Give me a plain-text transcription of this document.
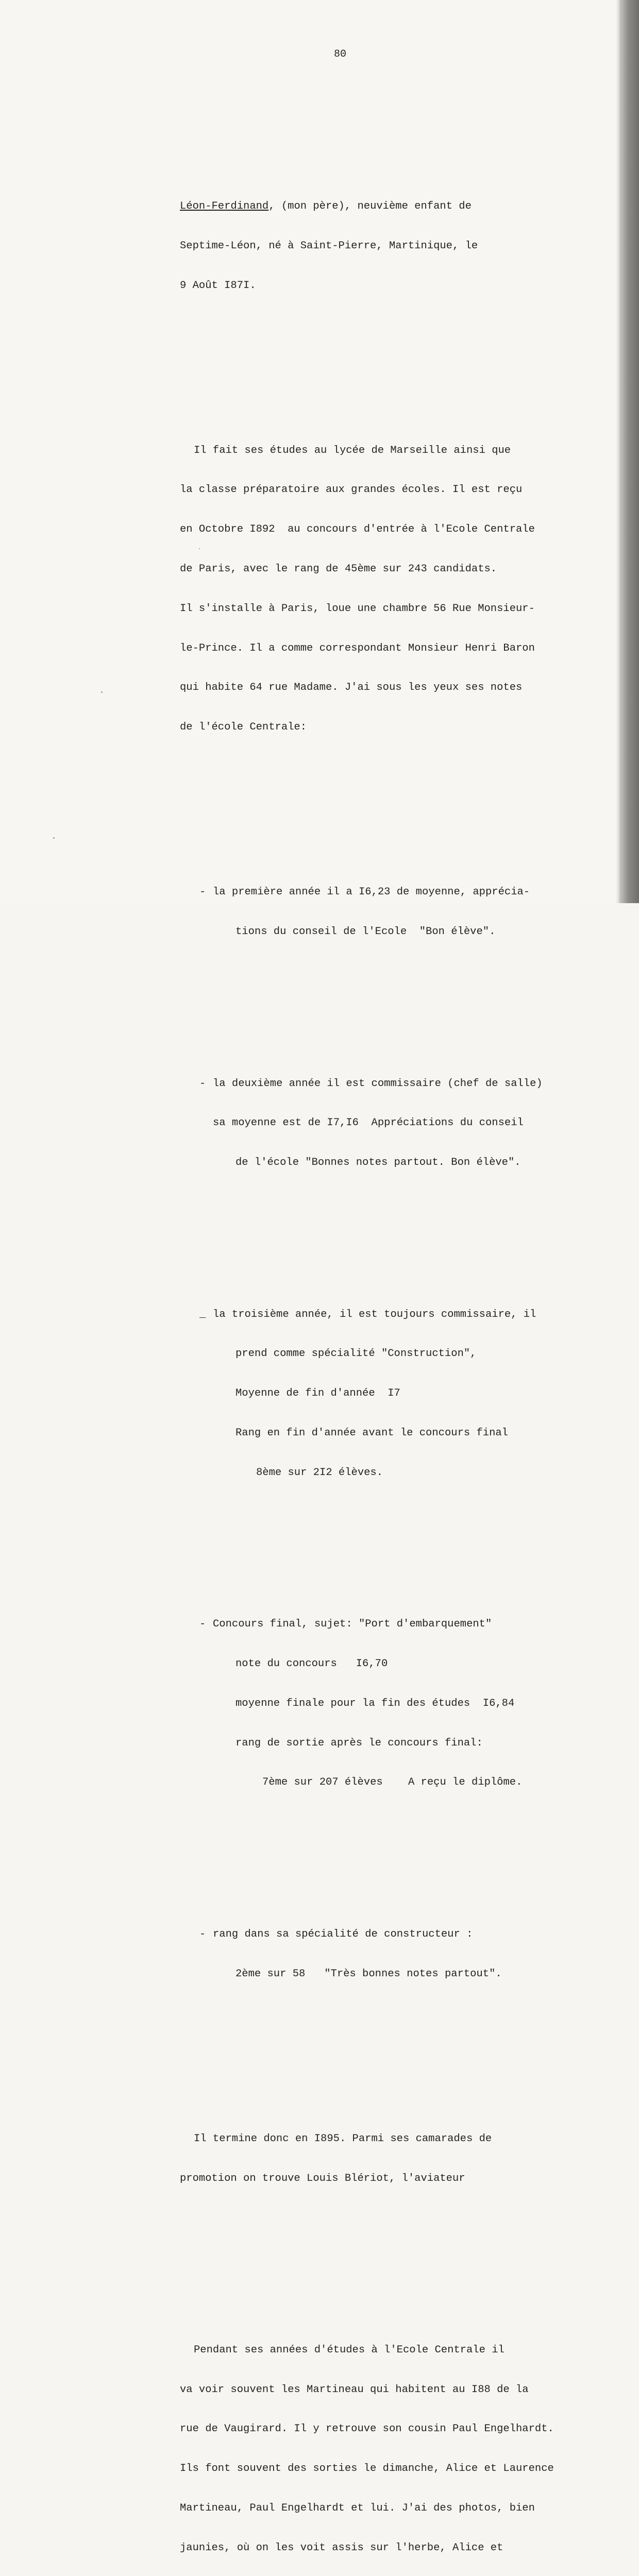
80

Léon-Ferdinand, (mon père), neuvième enfant de

Septime-Léon, né à Saint-Pierre, Martinique, le

9 Août I87I.

Il fait ses études au lycée de Marseille ainsi que

la classe préparatoire aux grandes écoles. Il est reçu

en Octobre I892  au concours d'entrée à l'Ecole Centrale

de Paris, avec le rang de 45ème sur 243 candidats.

Il s'installe à Paris, loue une chambre 56 Rue Monsieur-

le-Prince. Il a comme correspondant Monsieur Henri Baron

qui habite 64 rue Madame. J'ai sous les yeux ses notes

de l'école Centrale:

- la première année il a I6,23 de moyenne, apprécia-

tions du conseil de l'Ecole  "Bon élève".

- la deuxième année il est commissaire (chef de salle)

sa moyenne est de I7,I6  Appréciations du conseil

de l'école "Bonnes notes partout. Bon élève".

_ la troisième année, il est toujours commissaire, il

prend comme spécialité "Construction",

Moyenne de fin d'année  I7

Rang en fin d'année avant le concours final

8ème sur 2I2 élèves.

- Concours final, sujet: "Port d'embarquement"

note du concours   I6,70

moyenne finale pour la fin des études  I6,84

rang de sortie après le concours final:

7ème sur 207 élèves    A reçu le diplôme.

- rang dans sa spécialité de constructeur :

2ème sur 58   "Très bonnes notes partout".

Il termine donc en I895. Parmi ses camarades de

promotion on trouve Louis Blériot, l'aviateur

Pendant ses années d'études à l'Ecole Centrale il

va voir souvent les Martineau qui habitent au I88 de la

rue de Vaugirard. Il y retrouve son cousin Paul Engelhardt.

Ils font souvent des sorties le dimanche, Alice et Laurence

Martineau, Paul Engelhardt et lui. J'ai des photos, bien

jaunies, où on les voit assis sur l'herbe, Alice et
